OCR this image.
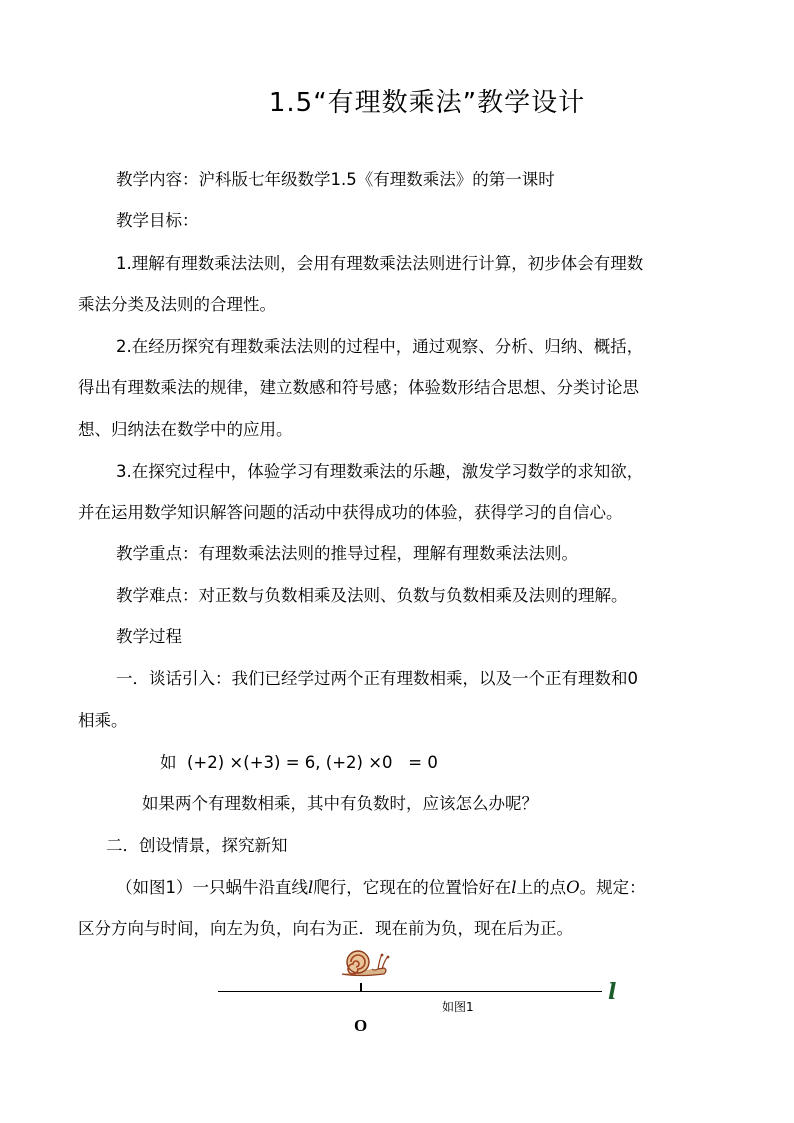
1.5“有理数乘法”教学设计
教学内容：沪科版七年级数学1.5《有理数乘法》的第一课时
教学目标：
1.理解有理数乘法法则，会用有理数乘法法则进行计算，初步体会有理数
乘法分类及法则的合理性。
2.在经历探究有理数乘法法则的过程中，通过观察、分析、归纳、概括，
得出有理数乘法的规律，建立数感和符号感；体验数形结合思想、分类讨论思
想、归纳法在数学中的应用。
3.在探究过程中，体验学习有理数乘法的乐趣，激发学习数学的求知欲，
并在运用数学知识解答问题的活动中获得成功的体验，获得学习的自信心。
教学重点：有理数乘法法则的推导过程，理解有理数乘法法则。
教学难点：对正数与负数相乘及法则、负数与负数相乘及法则的理解。
教学过程
一．谈话引入：我们已经学过两个正有理数相乘，以及一个正有理数和0
相乘。
如  (+2) ×(+3) = 6, (+2) ×0   = 0
如果两个有理数相乘，其中有负数时，应该怎么办呢？
二．创设情景，探究新知
（如图1）一只蜗牛沿直线l爬行，它现在的位置恰好在l上的点O。规定：
区分方向与时间，向左为负，向右为正．现在前为负，现在后为正。
l
如图1
O
